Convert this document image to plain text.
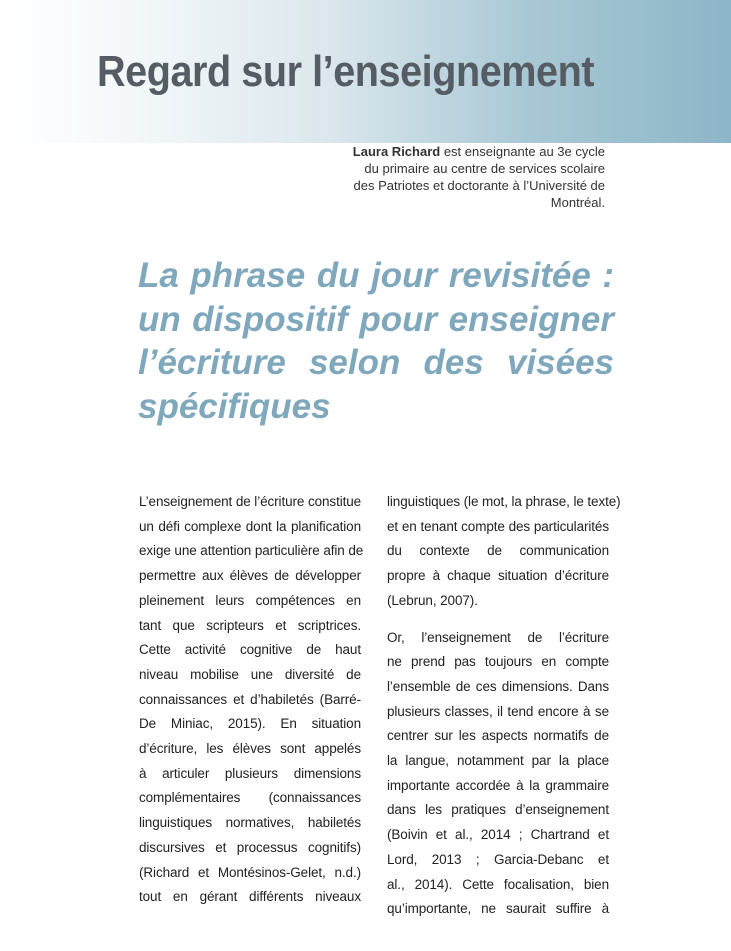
Regard sur l’enseignement

Laura Richard est enseignante au 3e cycle
du primaire au centre de services scolaire
des Patriotes et doctorante à l’Université de
Montréal.

La phrase du jour revisitée :
un dispositif pour enseigner
l’écriture selon des visées
spécifiques

L’enseignement de l’écriture constitue
un défi complexe dont la planification
exige une attention particulière afin de
permettre aux élèves de développer
pleinement leurs compétences en
tant que scripteurs et scriptrices.
Cette activité cognitive de haut
niveau mobilise une diversité de
connaissances et d’habiletés (Barré-
De Miniac, 2015). En situation
d’écriture, les élèves sont appelés
à articuler plusieurs dimensions
complémentaires (connaissances
linguistiques normatives, habiletés
discursives et processus cognitifs)
(Richard et Montésinos-Gelet, n.d.)
tout en gérant différents niveaux

linguistiques (le mot, la phrase, le texte)
et en tenant compte des particularités
du contexte de communication
propre à chaque situation d’écriture
(Lebrun, 2007).

Or, l’enseignement de l’écriture
ne prend pas toujours en compte
l’ensemble de ces dimensions. Dans
plusieurs classes, il tend encore à se
centrer sur les aspects normatifs de
la langue, notamment par la place
importante accordée à la grammaire
dans les pratiques d’enseignement
(Boivin et al., 2014 ; Chartrand et
Lord, 2013 ; Garcia-Debanc et
al., 2014). Cette focalisation, bien
qu’importante, ne saurait suffire à
